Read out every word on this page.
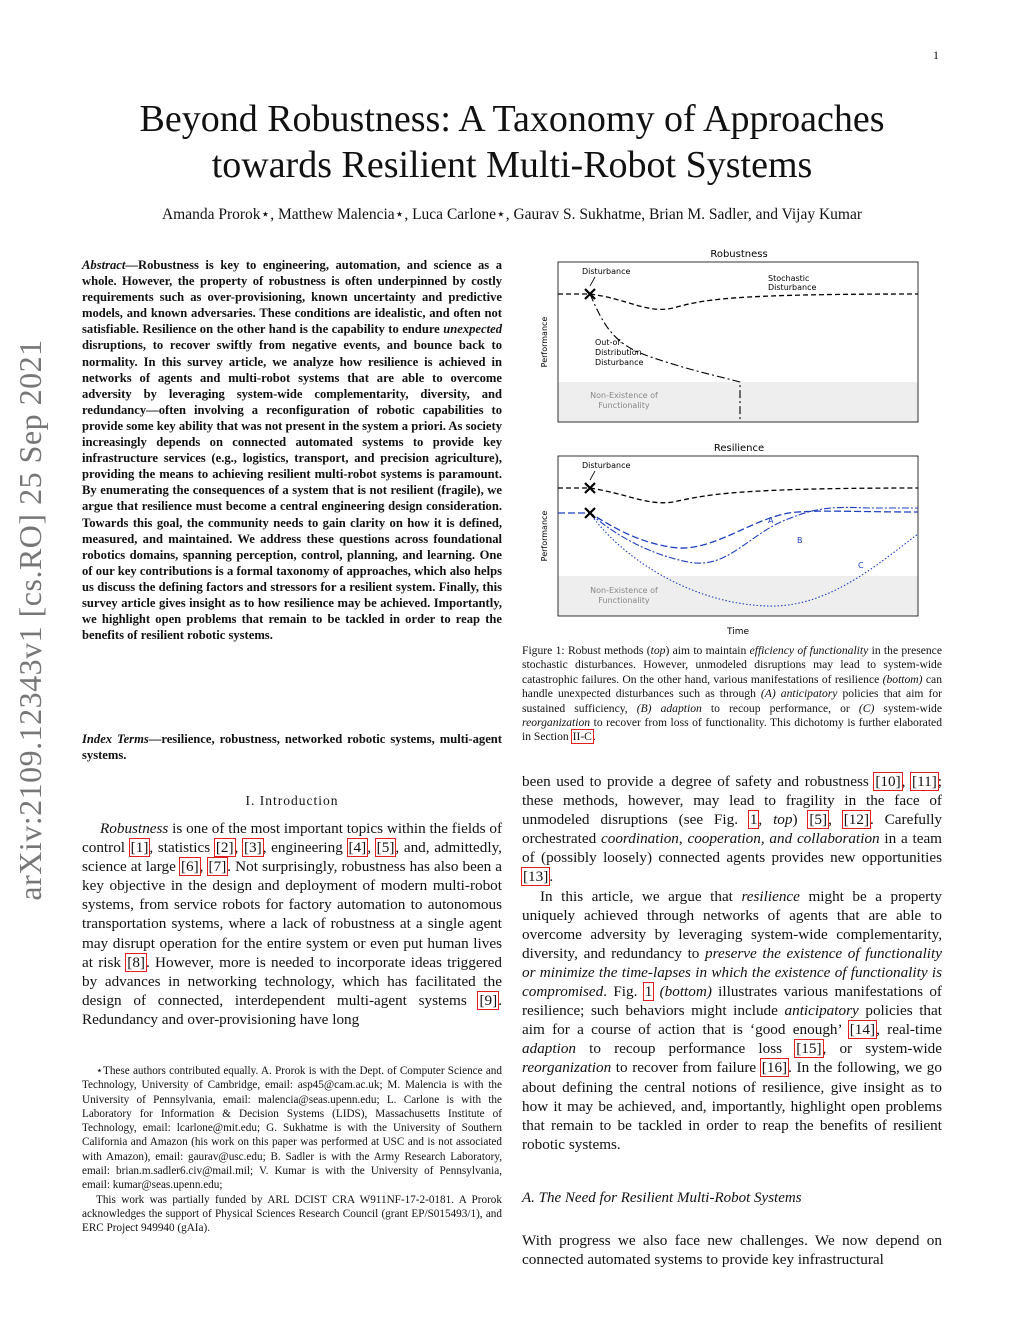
1
arXiv:2109.12343v1 [cs.RO] 25 Sep 2021
Beyond Robustness: A Taxonomy of Approaches
towards Resilient Multi-Robot Systems
Amanda Prorok⋆, Matthew Malencia⋆, Luca Carlone⋆, Gaurav S. Sukhatme, Brian M. Sadler, and Vijay Kumar
Abstract—Robustness is key to engineering, automation, and science as a whole. However, the property of robustness is often underpinned by costly requirements such as over-provisioning, known uncertainty and predictive models, and known adversaries. These conditions are idealistic, and often not satisfiable. Resilience on the other hand is the capability to endure unexpected disruptions, to recover swiftly from negative events, and bounce back to normality. In this survey article, we analyze how resilience is achieved in networks of agents and multi-robot systems that are able to overcome adversity by leveraging system-wide complementarity, diversity, and redundancy—often involving a reconfiguration of robotic capabilities to provide some key ability that was not present in the system a priori. As society increasingly depends on connected automated systems to provide key infrastructure services (e.g., logistics, transport, and precision agriculture), providing the means to achieving resilient multi-robot systems is paramount. By enumerating the consequences of a system that is not resilient (fragile), we argue that resilience must become a central engineering design consideration. Towards this goal, the community needs to gain clarity on how it is defined, measured, and maintained. We address these questions across foundational robotics domains, spanning perception, control, planning, and learning. One of our key contributions is a formal taxonomy of approaches, which also helps us discuss the defining factors and stressors for a resilient system. Finally, this survey article gives insight as to how resilience may be achieved. Importantly, we highlight open problems that remain to be tackled in order to reap the benefits of resilient robotic systems.
Index Terms—resilience, robustness, networked robotic systems, multi-agent systems.
I. Introduction

Robustness is one of the most important topics within the fields of control [1], statistics [2], [3], engineering [4], [5], and, admittedly, science at large [6], [7]. Not surprisingly, robustness has also been a key objective in the design and deployment of modern multi-robot systems, from service robots for factory automation to autonomous transportation systems, where a lack of robustness at a single agent may disrupt operation for the entire system or even put human lives at risk [8]. However, more is needed to incorporate ideas triggered by advances in networking technology, which has facilitated the design of connected, interdependent multi-agent systems [9]. Redundancy and over-provisioning have long

⋆These authors contributed equally. A. Prorok is with the Dept. of Computer Science and Technology, University of Cambridge, email: asp45@cam.ac.uk; M. Malencia is with the University of Pennsylvania, email: malencia@seas.upenn.edu; L. Carlone is with the Laboratory for Information & Decision Systems (LIDS), Massachusetts Institute of Technology, email: lcarlone@mit.edu; G. Sukhatme is with the University of Southern California and Amazon (his work on this paper was performed at USC and is not associated with Amazon), email: gaurav@usc.edu; B. Sadler is with the Army Research Laboratory, email: brian.m.sadler6.civ@mail.mil; V. Kumar is with the University of Pennsylvania, email: kumar@seas.upenn.edu;

This work was partially funded by ARL DCIST CRA W911NF-17-2-0181. A Prorok acknowledges the support of Physical Sciences Research Council (grant EP/S015493/1), and ERC Project 949940 (gAIa).

Robustness
Non-Existence of
Functionality
Performance
Disturbance
Stochastic
Disturbance
Out-of-
Distribution
Disturbance
Resilience
Non-Existence of
Functionality
Performance
Disturbance
A
B
C
Time
Figure 1: Robust methods (top) aim to maintain efficiency of functionality in the presence stochastic disturbances. However, unmodeled disruptions may lead to system-wide catastrophic failures. On the other hand, various manifestations of resilience (bottom) can handle unexpected disturbances such as through (A) anticipatory policies that aim for sustained sufficiency, (B) adaption to recoup performance, or (C) system-wide reorganization to recover from loss of functionality. This dichotomy is further elaborated in Section II-C.

been used to provide a degree of safety and robustness [10], [11]; these methods, however, may lead to fragility in the face of unmodeled disruptions (see Fig. 1, top) [5], [12]. Carefully orchestrated coordination, cooperation, and collaboration in a team of (possibly loosely) connected agents provides new opportunities [13].

In this article, we argue that resilience might be a property uniquely achieved through networks of agents that are able to overcome adversity by leveraging system-wide complementarity, diversity, and redundancy to preserve the existence of functionality or minimize the time-lapses in which the existence of functionality is compromised. Fig. 1 (bottom) illustrates various manifestations of resilience; such behaviors might include anticipatory policies that aim for a course of action that is ‘good enough’ [14], real-time adaption to recoup performance loss [15], or system-wide reorganization to recover from failure [16]. In the following, we go about defining the central notions of resilience, give insight as to how it may be achieved, and, importantly, highlight open problems that remain to be tackled in order to reap the benefits of resilient robotic systems.

A. The Need for Resilient Multi-Robot Systems

With progress we also face new challenges. We now depend on connected automated systems to provide key infrastructural
